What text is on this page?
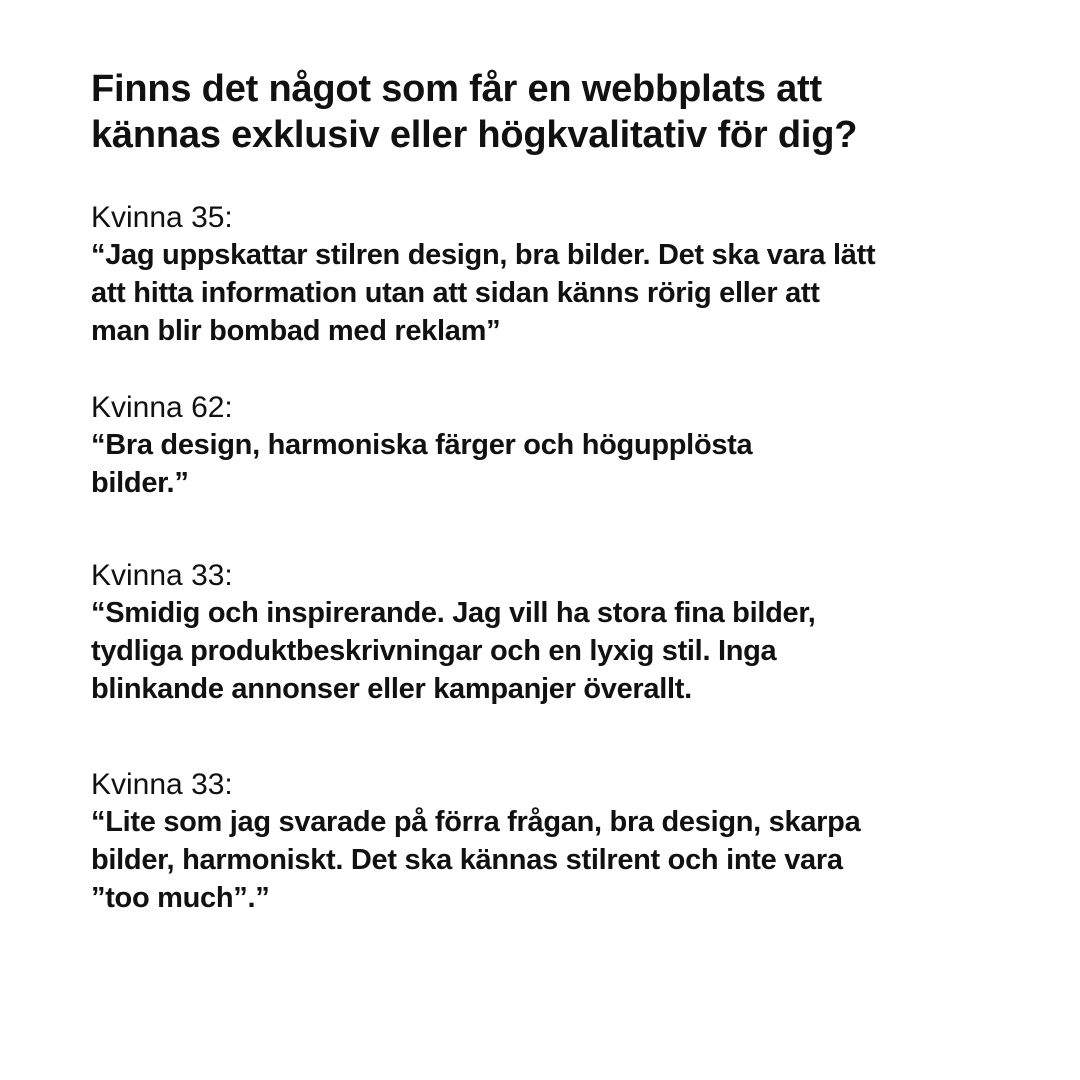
Finns det något som får en webbplats att
kännas exklusiv eller högkvalitativ för dig?

Kvinna 35:

“Jag uppskattar stilren design, bra bilder. Det ska vara lätt
att hitta information utan att sidan känns rörig eller att
man blir bombad med reklam”

Kvinna 62:

“Bra design, harmoniska färger och högupplösta
bilder.”

Kvinna 33:

“Smidig och inspirerande. Jag vill ha stora fina bilder,
tydliga produktbeskrivningar och en lyxig stil. Inga
blinkande annonser eller kampanjer överallt.

Kvinna 33:

“Lite som jag svarade på förra frågan, bra design, skarpa
bilder, harmoniskt. Det ska kännas stilrent och inte vara
”too much”.”
